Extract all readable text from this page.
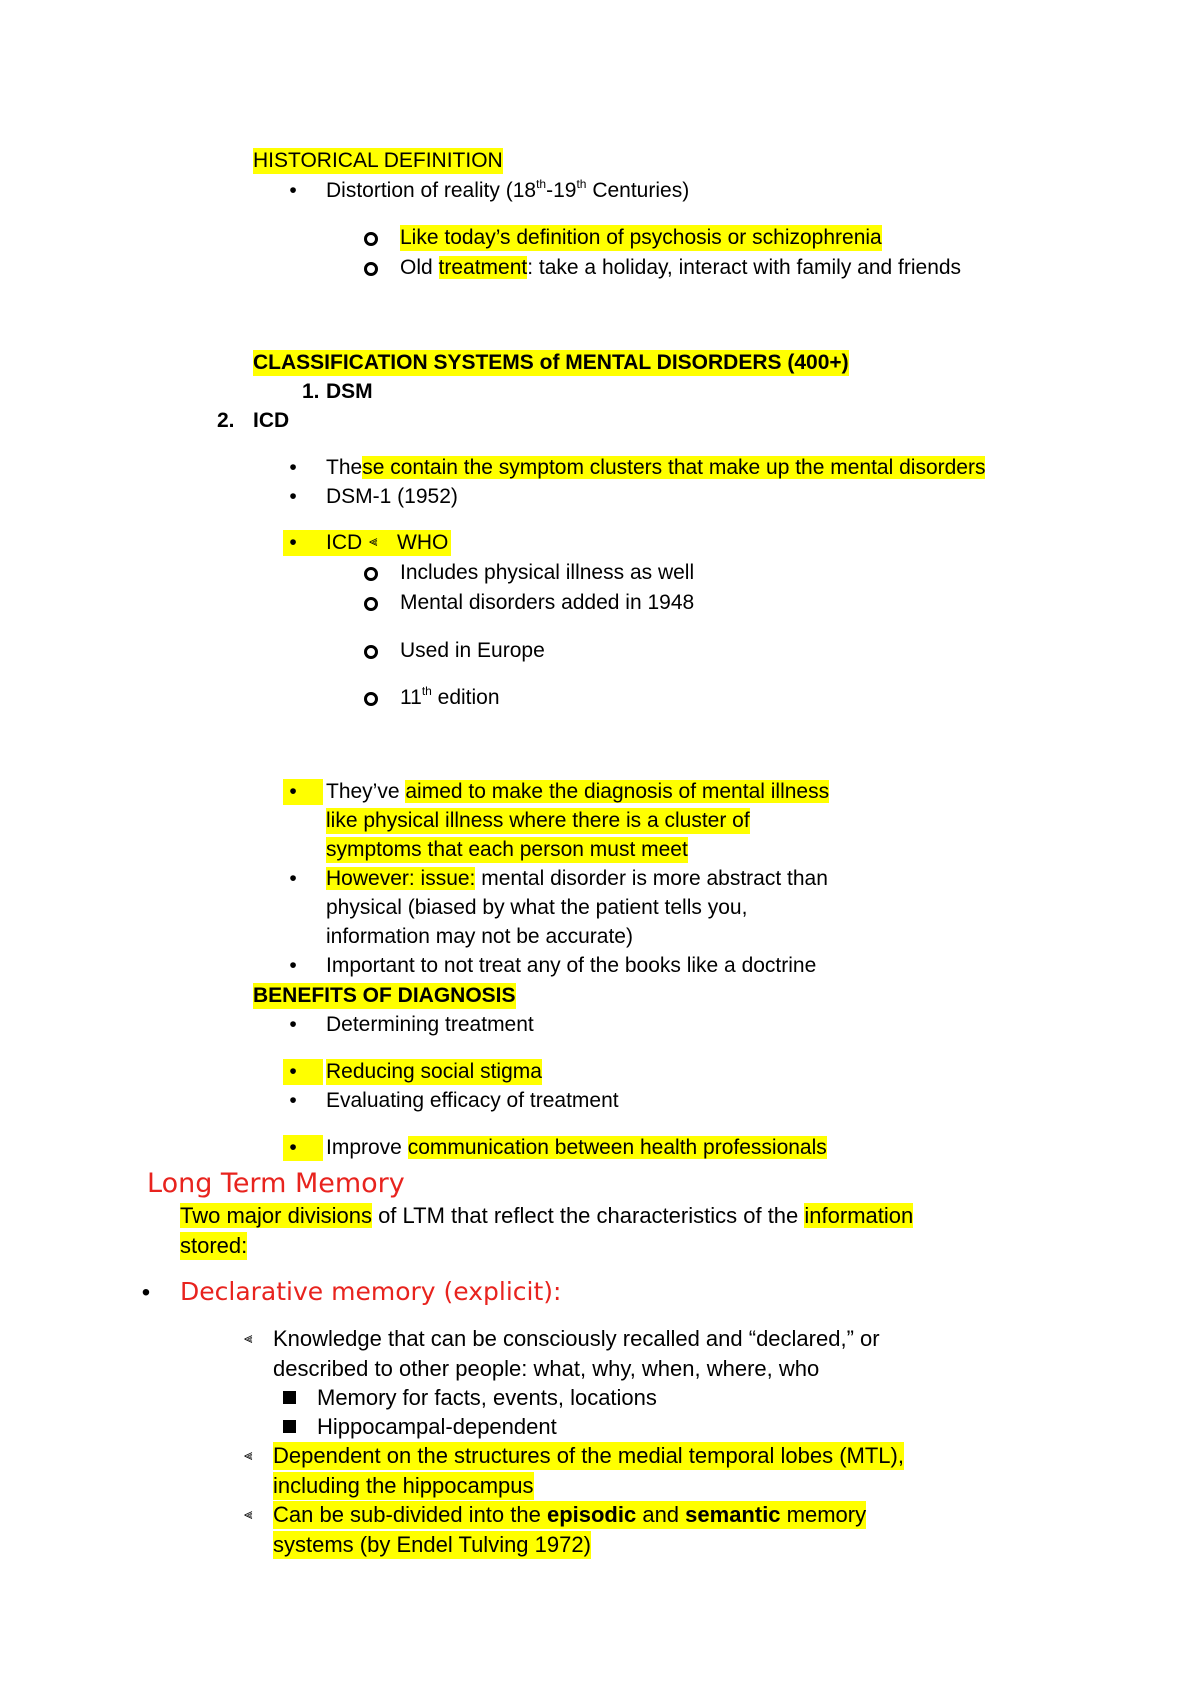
HISTORICAL DEFINITION
•	Distortion of reality (18th-19th Centuries)
Like today’s definition of psychosis or schizophrenia
Old treatment: take a holiday, interact with family and friends
CLASSIFICATION SYSTEMS of MENTAL DISORDERS (400+)
1. DSM
2. ICD
•	These contain the symptom clusters that make up the mental disorders
•	DSM-1 (1952)
•	ICD ⫷ WHO
Includes physical illness as well
Mental disorders added in 1948
Used in Europe
11th edition
•	They’ve aimed to make the diagnosis of mental illness
like physical illness where there is a cluster of
symptoms that each person must meet
•	However: issue: mental disorder is more abstract than
physical (biased by what the patient tells you,
information may not be accurate)
•	Important to not treat any of the books like a doctrine
BENEFITS OF DIAGNOSIS
•	Determining treatment
•	Reducing social stigma
•	Evaluating efficacy of treatment
•	Improve communication between health professionals
Long Term Memory
Two major divisions of LTM that reflect the characteristics of the information
stored:
• Declarative memory (explicit):
⫷ Knowledge that can be consciously recalled and “declared,” or
described to other people: what, why, when, where, who
Memory for facts, events, locations
Hippocampal-dependent
⫷ Dependent on the structures of the medial temporal lobes (MTL),
including the hippocampus
⫷ Can be sub-divided into the episodic and semantic memory
systems (by Endel Tulving 1972)
